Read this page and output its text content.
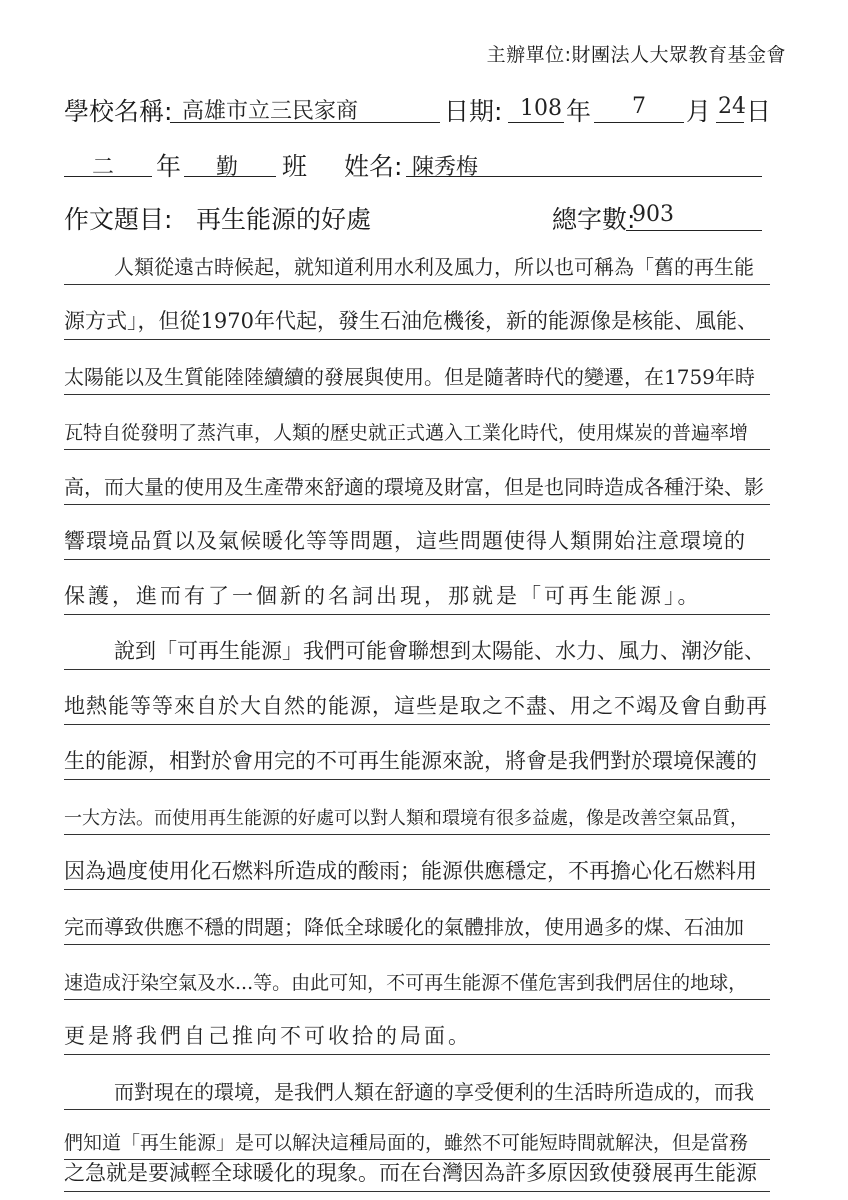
主辦單位:財團法人大眾教育基金會
學校名稱: 高雄市立三民家商	日期: 108 年 7 月 24 日
二 年 勤 班 姓名: 陳秀梅
作文題目: 再生能源的好處	總字數:
903
人類從遠古時候起，就知道利用水利及風力，所以也可稱為「舊的再生能
源方式」，但從1970年代起，發生石油危機後，新的能源像是核能、風能、
太陽能以及生質能陸陸續續的發展與使用。但是隨著時代的變遷，在1759年時
瓦特自從發明了蒸汽車，人類的歷史就正式邁入工業化時代，使用煤炭的普遍率增
高，而大量的使用及生產帶來舒適的環境及財富，但是也同時造成各種汙染、影
響環境品質以及氣候暖化等等問題，這些問題使得人類開始注意環境的
保護，進而有了一個新的名詞出現，那就是「可再生能源」。
說到「可再生能源」我們可能會聯想到太陽能、水力、風力、潮汐能、
地熱能等等來自於大自然的能源，這些是取之不盡、用之不竭及會自動再
生的能源，相對於會用完的不可再生能源來說，將會是我們對於環境保護的
一大方法。而使用再生能源的好處可以對人類和環境有很多益處，像是改善空氣品質，
因為過度使用化石燃料所造成的酸雨；能源供應穩定，不再擔心化石燃料用
完而導致供應不穩的問題；降低全球暖化的氣體排放，使用過多的煤、石油加
速造成汙染空氣及水...等。由此可知，不可再生能源不僅危害到我們居住的地球，
更是將我們自己推向不可收拾的局面。
而對現在的環境，是我們人類在舒適的享受便利的生活時所造成的，而我
們知道「再生能源」是可以解決這種局面的，雖然不可能短時間就解決，但是當務
之急就是要減輕全球暖化的現象。而在台灣因為許多原因致使發展再生能源
